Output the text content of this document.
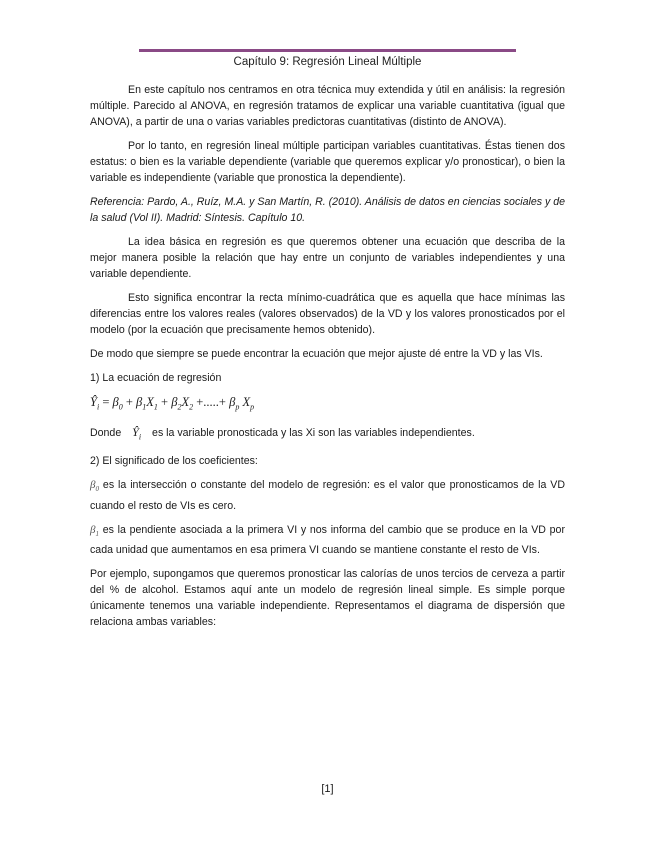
Capítulo 9: Regresión Lineal Múltiple

En este capítulo nos centramos en otra técnica muy extendida y útil en análisis: la regresión múltiple. Parecido al ANOVA, en regresión tratamos de explicar una variable cuantitativa (igual que ANOVA), a partir de una o varias variables predictoras cuantitativas (distinto de ANOVA).

Por lo tanto, en regresión lineal múltiple participan variables cuantitativas. Éstas tienen dos estatus: o bien es la variable dependiente (variable que queremos explicar y/o pronosticar), o bien la variable es independiente (variable que pronostica la dependiente).

Referencia: Pardo, A., Ruíz, M.A. y San Martín, R. (2010). Análisis de datos en ciencias sociales y de la salud (Vol II). Madrid: Síntesis. Capítulo 10.

La idea básica en regresión es que queremos obtener una ecuación que describa de la mejor manera posible la relación que hay entre un conjunto de variables independientes y una variable dependiente.

Esto significa encontrar la recta mínimo-cuadrática que es aquella que hace mínimas las diferencias entre los valores reales (valores observados) de la VD y los valores pronosticados por el modelo (por la ecuación que precisamente hemos obtenido).

De modo que siempre se puede encontrar la ecuación que mejor ajuste dé entre la VD y las VIs.

1) La ecuación de regresión

$Ŷ_i = \beta_0 + \beta_1X_1 + \beta_2X_2$ +.....+ $\beta_p$ $X_p$

Donde $Ŷ_i$ es la variable pronosticada y las Xi son las variables independientes.

2) El significado de los coeficientes:

$\beta_0$ es la intersección o constante del modelo de regresión: es el valor que pronosticamos de la VD cuando el resto de VIs es cero.

$\beta_1$ es la pendiente asociada a la primera VI y nos informa del cambio que se produce en la VD por cada unidad que aumentamos en esa primera VI cuando se mantiene constante el resto de VIs.

Por ejemplo, supongamos que queremos pronosticar las calorías de unos tercios de cerveza a partir del % de alcohol. Estamos aquí ante un modelo de regresión lineal simple. Es simple porque únicamente tenemos una variable independiente. Representamos el diagrama de dispersión que relaciona ambas variables:

[1]
